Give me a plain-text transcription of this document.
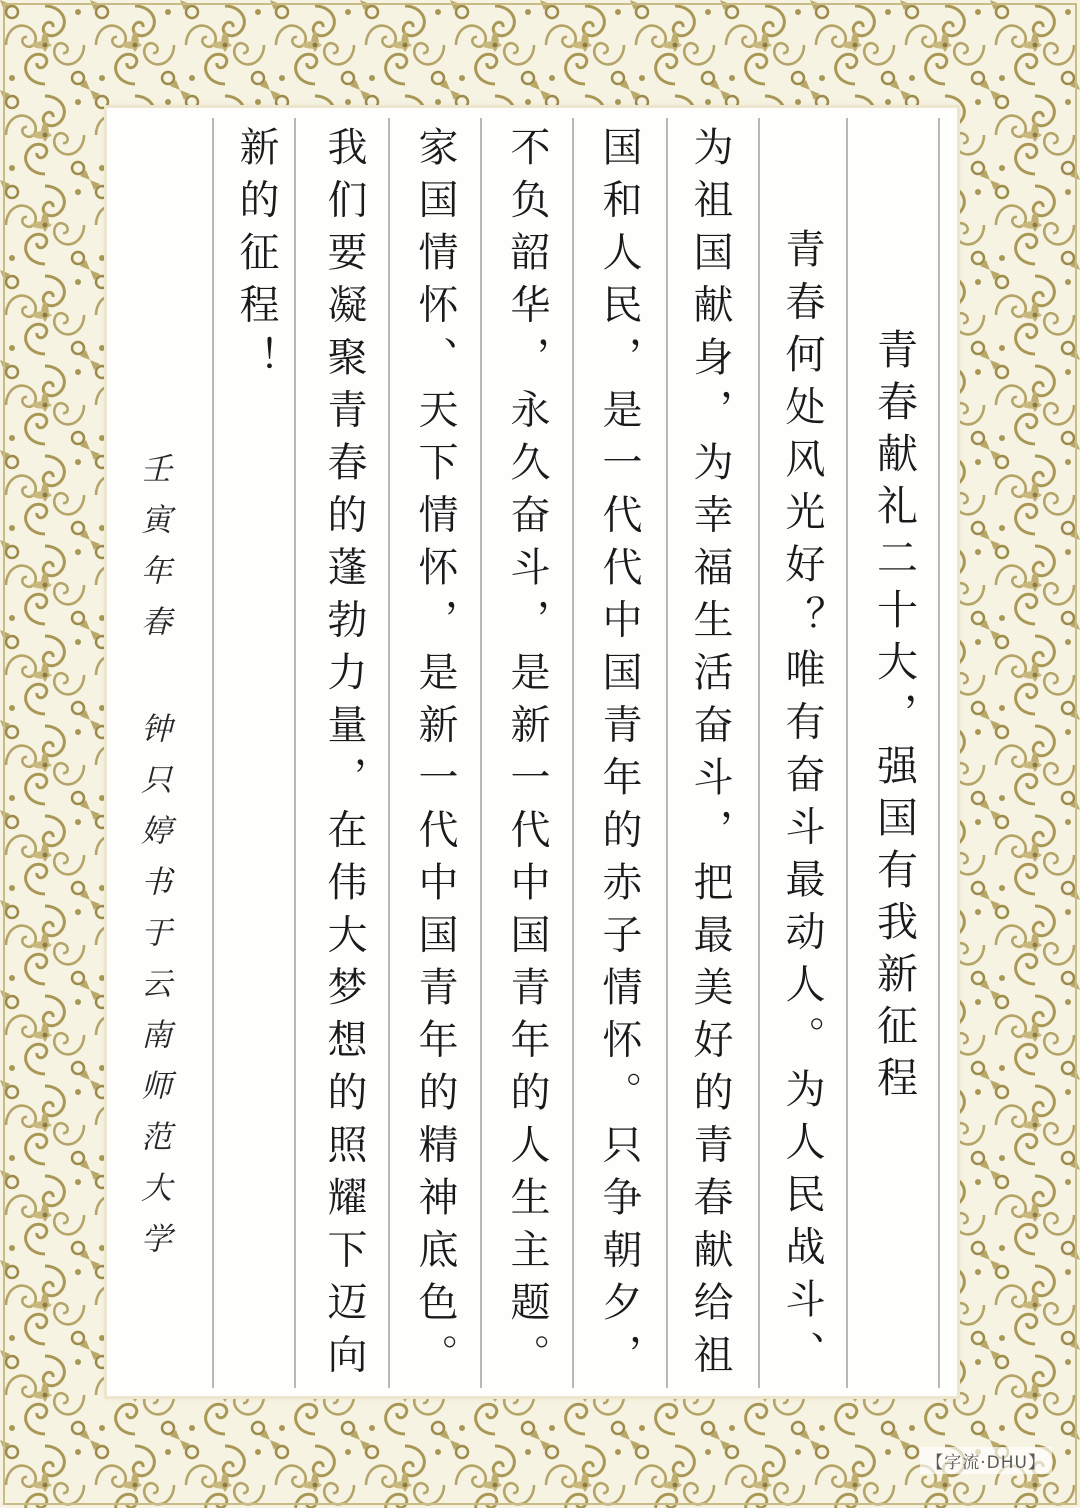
青春献礼二十大，强国有我新征程
青春何处风光好？唯有奋斗最动人。为人民战斗、
为祖国献身，为幸福生活奋斗，把最美好的青春献给祖
国和人民，是一代代中国青年的赤子情怀。只争朝夕，
不负韶华，永久奋斗，是新一代中国青年的人生主题。
家国情怀、天下情怀，是新一代中国青年的精神底色。
我们要凝聚青春的蓬勃力量，在伟大梦想的照耀下迈向
新的征程！
壬寅年春 钟只婷书于云南师范大学
【字流·DHU】
